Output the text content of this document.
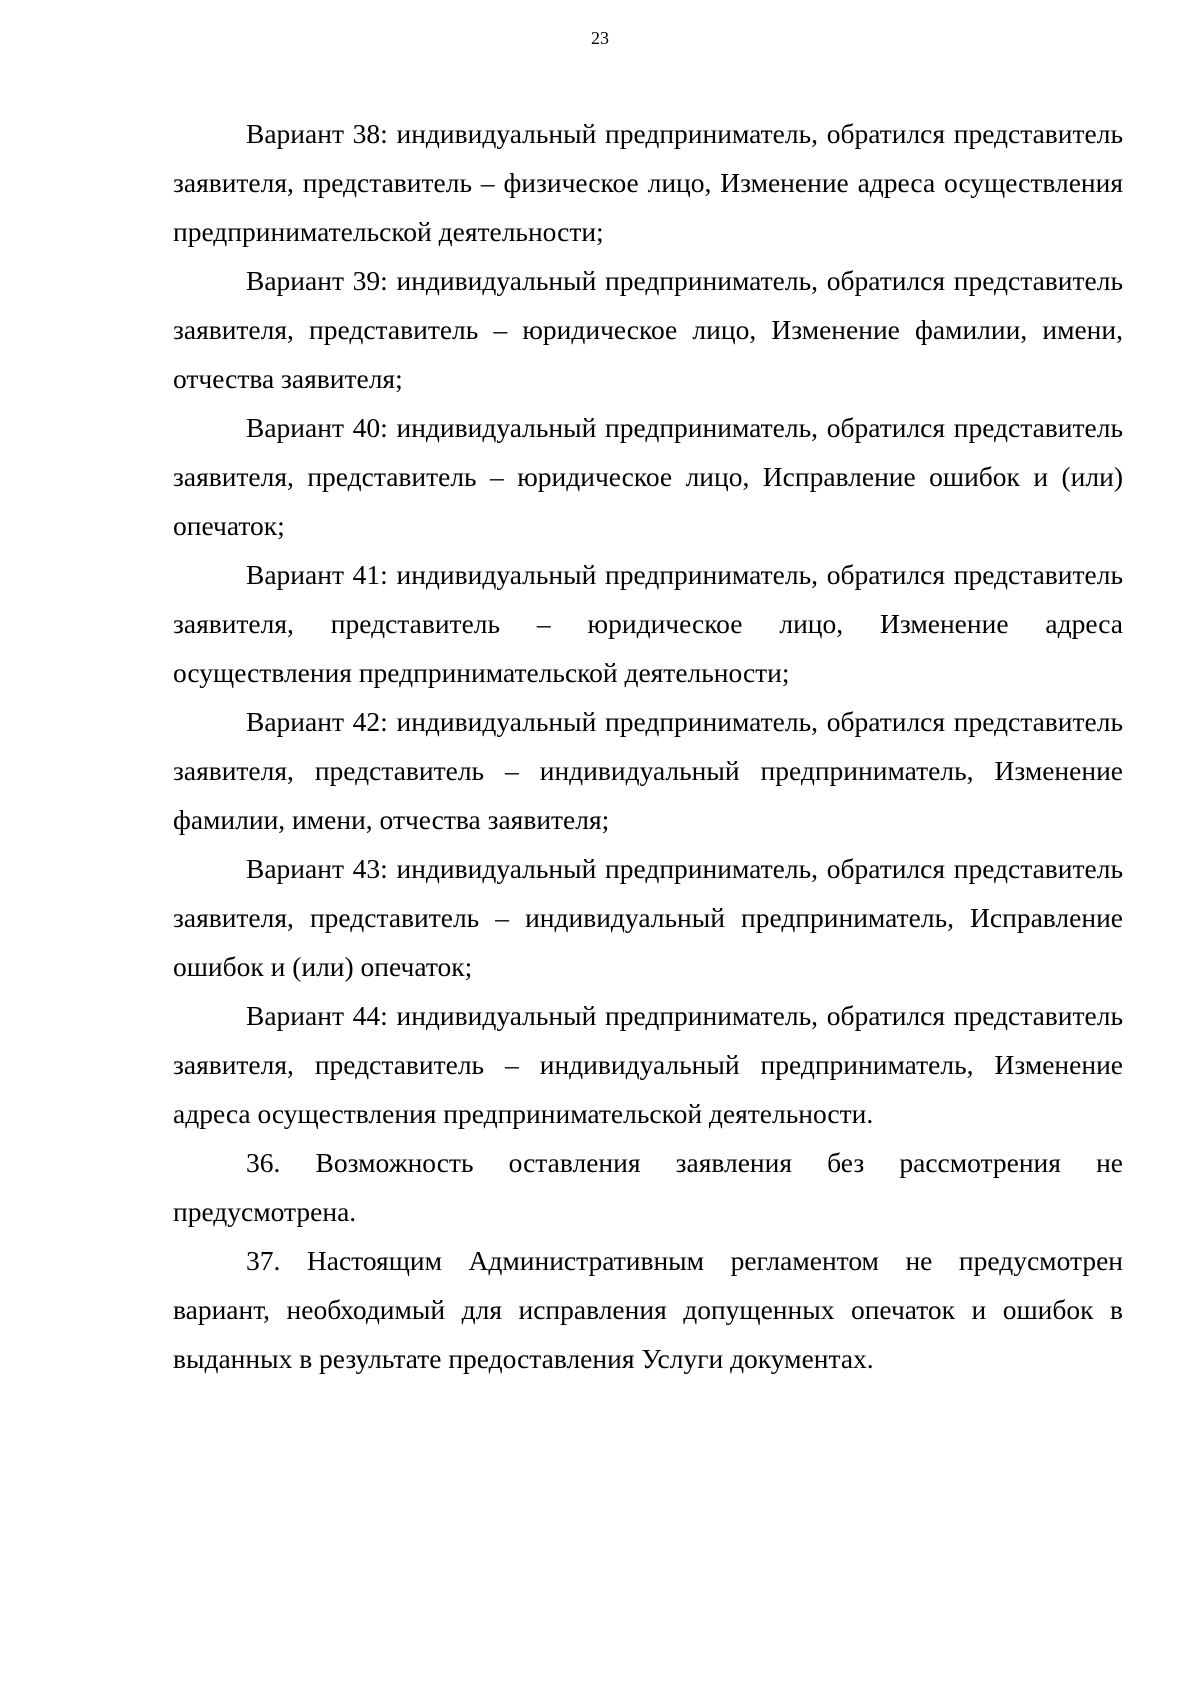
23

Вариант 38: индивидуальный предприниматель, обратился представитель заявителя, представитель – физическое лицо, Изменение адреса осуществления предпринимательской деятельности;

Вариант 39: индивидуальный предприниматель, обратился представитель заявителя, представитель – юридическое лицо, Изменение фамилии, имени, отчества заявителя;

Вариант 40: индивидуальный предприниматель, обратился представитель заявителя, представитель – юридическое лицо, Исправление ошибок и (или) опечаток;

Вариант 41: индивидуальный предприниматель, обратился представитель заявителя, представитель – юридическое лицо, Изменение адреса осуществления предпринимательской деятельности;

Вариант 42: индивидуальный предприниматель, обратился представитель заявителя, представитель – индивидуальный предприниматель, Изменение фамилии, имени, отчества заявителя;

Вариант 43: индивидуальный предприниматель, обратился представитель заявителя, представитель – индивидуальный предприниматель, Исправление ошибок и (или) опечаток;

Вариант 44: индивидуальный предприниматель, обратился представитель заявителя, представитель – индивидуальный предприниматель, Изменение адреса осуществления предпринимательской деятельности.

36. Возможность оставления заявления без рассмотрения не предусмотрена.

37. Настоящим Административным регламентом не предусмотрен вариант, необходимый для исправления допущенных опечаток и ошибок в выданных в результате предоставления Услуги документах.
